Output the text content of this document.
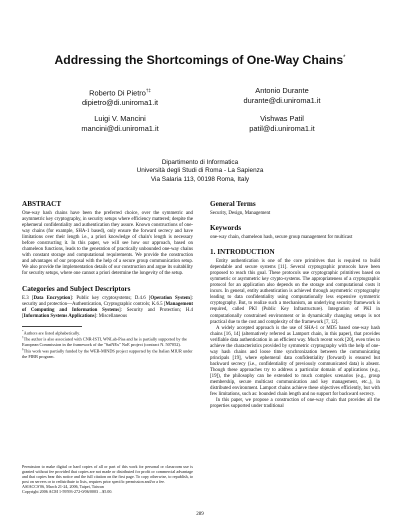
Addressing the Shortcomings of One-Way Chains*
Roberto Di Pietro†‡
dipietro@di.uniroma1.it
Antonio Durante
durante@di.uniroma1.it
Luigi V. Mancini
mancini@di.uniroma1.it
Vishwas Patil
patil@di.uniroma1.it
Dipartimento di Informatica
Università degli Studi di Roma - La Sapienza
Via Salaria 113, 00198 Roma, Italy
ABSTRACT
One-way hash chains have been the preferred choice, over the symmetric and asymmetric key cryptography, in security setups where efficiency mattered; despite the ephemeral confidentiality and authentication they assure. Known constructions of one-way chains (for example, SHA-1 based), only ensure the forward secrecy and have limitations over their length i.e., a priori knowledge of chain's length is necessary before constructing it. In this paper, we will see how our approach, based on chameleon functions, leads to the generation of practically unbounded one-way chains with constant storage and computational requirements. We provide the construction and advantages of our proposal with the help of a secure group communication setup. We also provide the implementation details of our construction and argue its suitability for security setups, where one cannot a priori determine the longevity of the setup.
Categories and Subject Descriptors
E.3 [Data Encryption]: Public key cryptosystems; D.4.6 [Operation System]: security and protection—Authentication, Cryptographic controls; K.6.5 [Management of Computing and Information Systems]: Security and Protection; H.4 [Information Systems Applications]: Miscellaneous
*Authors are listed alphabetically.
†The author is also associated with CNR-ISTI, WNLab-Pisa and he is partially supported by the European Commission in the framework of the "SatNEx" NoE project (contract N. 507052).
‡This work was partially funded by the WEB-MINDS project supported by the Italian MIUR under the FIRB program.
Permission to make digital or hard copies of all or part of this work for personal or classroom use is granted without fee provided that copies are not made or distributed for profit or commercial advantage and that copies bear this notice and the full citation on the first page. To copy otherwise, to republish, to post on servers or to redistribute to lists, requires prior specific permission and/or a fee.
ASIACCS'06, March 21-24, 2006, Taipei, Taiwan
Copyright 2006 ACM 1-59593-272-0/06/0003 ...$5.00.
General Terms
Security, Design, Management
Keywords
one-way chain, chameleon hash, secure group management for multicast
1. INTRODUCTION
Entity authentication is one of the core primitives that is required to build dependable and secure systems [11]. Several cryptographic protocols have been proposed to reach this goal. These protocols use cryptographic primitives based on symmetric or asymmetric key crypto-systems. The appropriateness of a cryptographic protocol for an application also depends on the storage and computational costs it incurs. In general, entity authentication is achieved through asymmetric cryptography leading to data confidentiality using computationally less expensive symmetric cryptography. But, to realize such a mechanism, an underlying security framework is required, called PKI (Public Key Infrastructure). Integration of PKI in computationally constrained environment or in dynamically changing setups is not practical due to the cost and complexity of the framework [7, 12].
A widely accepted approach is the use of SHA-1 or MD5 based one-way hash chains [16, 14] (alternatively referred as Lamport chain, in this paper), that provides verifiable data authentication in an efficient way. Much recent work [20], even tries to achieve the characteristics provided by symmetric cryptography with the help of one-way hash chains and loose time synchronization between the communicating principals [19], where ephemeral data confidentiality (forward) is ensured but backward secrecy (i.e., confidentiality of previously communicated data) is absent. Though these approaches try to address a particular domain of applications (e.g., [19]), the philosophy can be extended to much complex scenarios (e.g., group membership, secure multicast communication and key management, etc.,), in distributed environment. Lamport chains achieve these objectives efficiently, but with few limitations, such as: bounded chain length and no support for backward secrecy.
In this paper, we propose a construction of one-way chain that provides all the properties supported under traditional
289
